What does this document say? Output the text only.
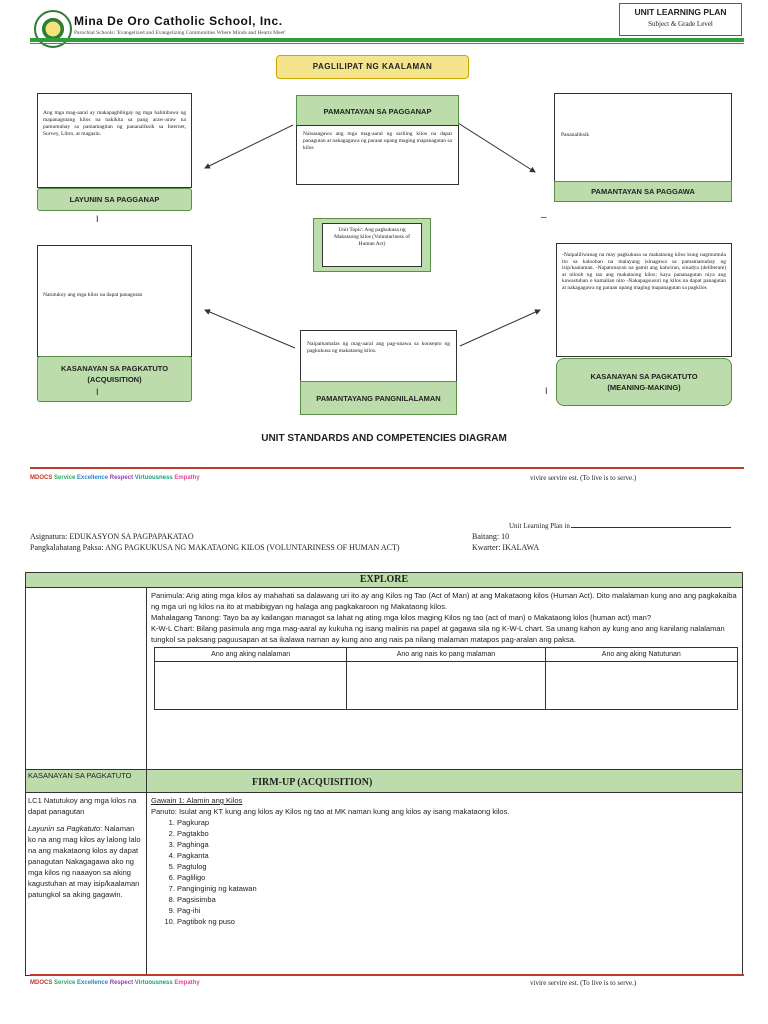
Mina De Oro Catholic School, Inc.
Parochial Schools: 'Evangelized and Evangelizing Communities Where Minds and Hearts Meet'
UNIT LEARNING PLAN
Subject & Grade Level
PAGLILIPAT NG KAALAMAN
Ang mga mag-aaral ay makapagbibigay ng mga halimbawa ng mapanagutang kilos na nakikita sa pang araw-araw na pamumuhay sa pamamagitan ng pananaliksik sa Internet, Survey, Libro, at magasin.
LAYUNIN SA PAGGANAP
I
PAMANTAYAN SA PAGGANAP
Naisasagawa ang mga mag-aaral ng sariling kilos na dapat panagutan at nakagagawa ng paraan upang maging mapanagutan sa kilos
Pananaliksik
PAMANTAYAN SA PAGGAWA
–
Unit Topic: Ang pagkukusa ng Makataong kilos (Voluntariness of Human Act)
Natutukoy ang mga kilos na dapat panagutan
KASANAYAN SA PAGKATUTO (ACQUISITION)
I
Naipamamalas ng mag-aaral ang pag-unawa sa konsepto ng pagkukusa ng makataong kilos.
PAMANTAYANG PANGNILALAMAN
-Naipaliliwanag na may pagkukusa sa makataong kilos kung nagmumula ito sa kalooban na malayang isinagawa sa pamamatnubay ng isip/kaalaman. -Napatunayan na gamit ang katwiran, sinadya (deliberate) at niloob ng tao ang makataong kilos; kaya pananagutan niya ang kawastuhan o kamalian nito -Nakapagsusuri ng kilos na dapat panagutan at nakagagawa ng paraan upang maging mapanagutan sa pagkilos
KASANAYAN SA PAGKATUTO (MEANING-MAKING)
I
UNIT STANDARDS AND COMPETENCIES DIAGRAM
MDOCS Service Excellence Respect Virtuousness Empathy	vivire servire est. (To live is to serve.)
Unit Learning Plan in
Asignatura: EDUKASYON SA PAGPAPAKATAO
Pangkalahatang Paksa: ANG PAGKUKUSA NG MAKATAONG KILOS (VOLUNTARINESS OF HUMAN ACT)
Baitang: 10
Kwarter: IKALAWA
EXPLORE
Panimula: Ang ating mga kilos ay mahahati sa dalawang uri ito ay ang Kilos ng Tao (Act of Man) at ang Makataong kilos (Human Act). Dito malalaman kung ano ang pagkakaiba ng mga uri ng kilos na ito at mabibigyan ng halaga ang pagkakaroon ng Makataong kilos.
Mahalagang Tanong: Tayo ba ay kailangan managot sa lahat ng ating mga kilos maging Kilos ng tao (act of man) o Makataong kilos (human act) man?
K-W-L Chart: Bilang pasimula ang mga mag-aaral ay kukuha ng isang malinis na papel at gagawa sila ng K-W-L chart. Sa unang kahon ay kung ano ang kanilang nalalaman tungkol sa paksang paguusapan at sa ikalawa naman ay kung ano ang nais pa nilang malaman matapos pag-aralan ang paksa.
Ano ang aking nalalaman	Ano ang nais ko pang malaman	Ano ang aking Natutunan

KASANAYAN SA PAGKATUTO
FIRM-UP (ACQUISITION)
LC1 Natutukoy ang mga kilos na dapat panagutan
Layunin sa Pagkatuto: Nalaman ko na ang mag kilos ay lalong lalo na ang makataong kilos ay dapat panagutan Nakagagawa ako ng mga kilos ng naaayon sa aking kagustuhan at may isip/kaalaman patungkol sa aking gagawin.
Gawain 1: Alamin ang Kilos
Panuto: Isulat ang KT kung ang kilos ay Kilos ng tao at MK naman kung ang kilos ay isang makataong kilos.
1. Pagkurap
2. Pagtakbo
3. Paghinga
4. Pagkanta
5. Pagtulog
6. Pagliligo
7. Panginginig ng katawan
8. Pagsisimba
9. Pag-ihi
10. Pagtibok ng puso
MDOCS Service Excellence Respect Virtuousness Empathy	vivire servire est. (To live is to serve.)
